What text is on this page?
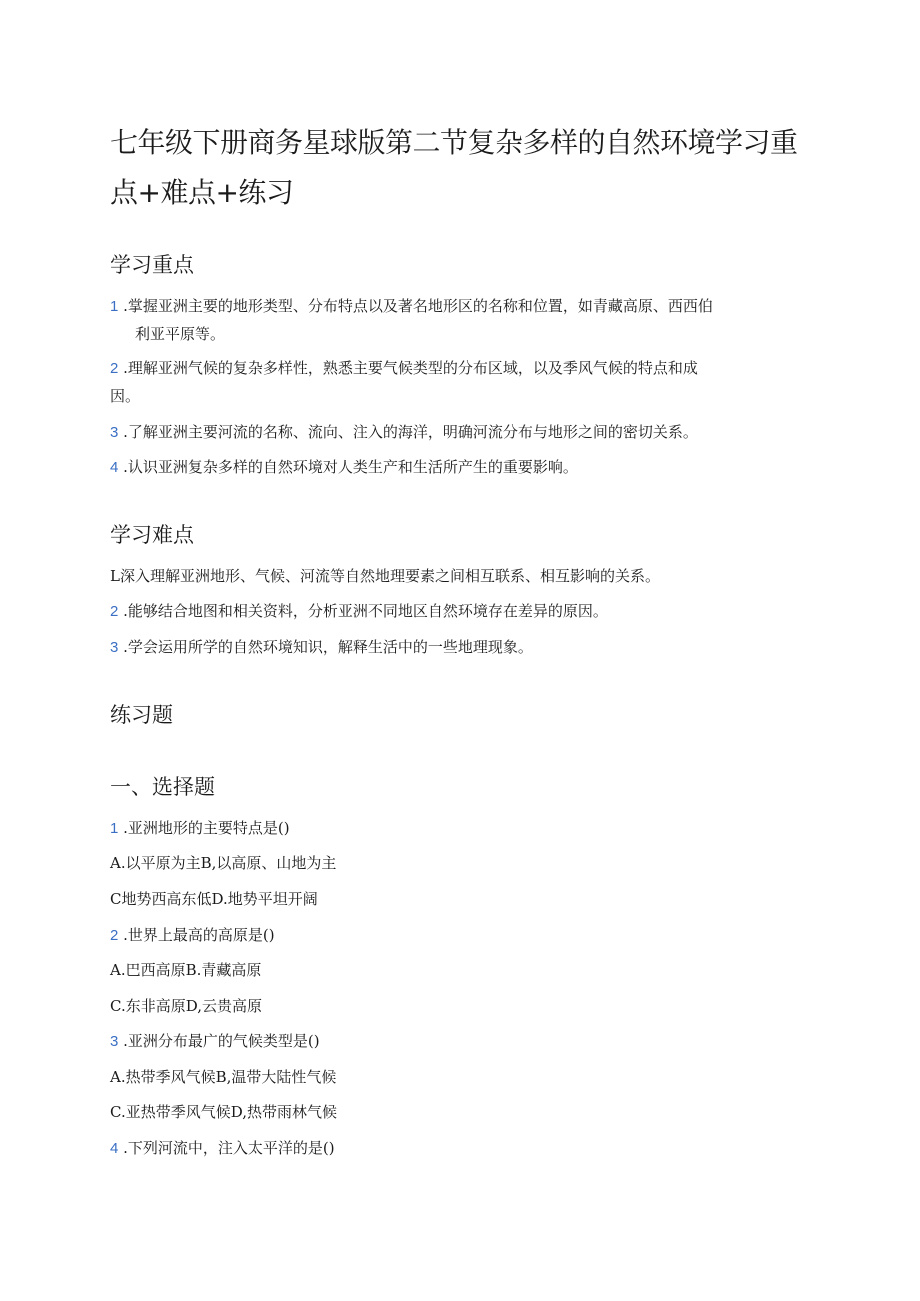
七年级下册商务星球版第二节复杂多样的自然环境学习重点+难点+练习
学习重点
1 .掌握亚洲主要的地形类型、分布特点以及著名地形区的名称和位置，如青藏高原、西西伯
利亚平原等。
2 .理解亚洲气候的复杂多样性，熟悉主要气候类型的分布区域，以及季风气候的特点和成
因。
3 .了解亚洲主要河流的名称、流向、注入的海洋，明确河流分布与地形之间的密切关系。
4 .认识亚洲复杂多样的自然环境对人类生产和生活所产生的重要影响。
学习难点
L深入理解亚洲地形、气候、河流等自然地理要素之间相互联系、相互影响的关系。
2 .能够结合地图和相关资料，分析亚洲不同地区自然环境存在差异的原因。
3 .学会运用所学的自然环境知识，解释生活中的一些地理现象。
练习题
一、选择题
1 .亚洲地形的主要特点是()
A.以平原为主B,以高原、山地为主
C地势西高东低D.地势平坦开阔
2 .世界上最高的高原是()
A.巴西高原B.青藏高原
C.东非高原D,云贵高原
3 .亚洲分布最广的气候类型是()
A.热带季风气候B,温带大陆性气候
C.亚热带季风气候D,热带雨林气候
4 .下列河流中，注入太平洋的是()
